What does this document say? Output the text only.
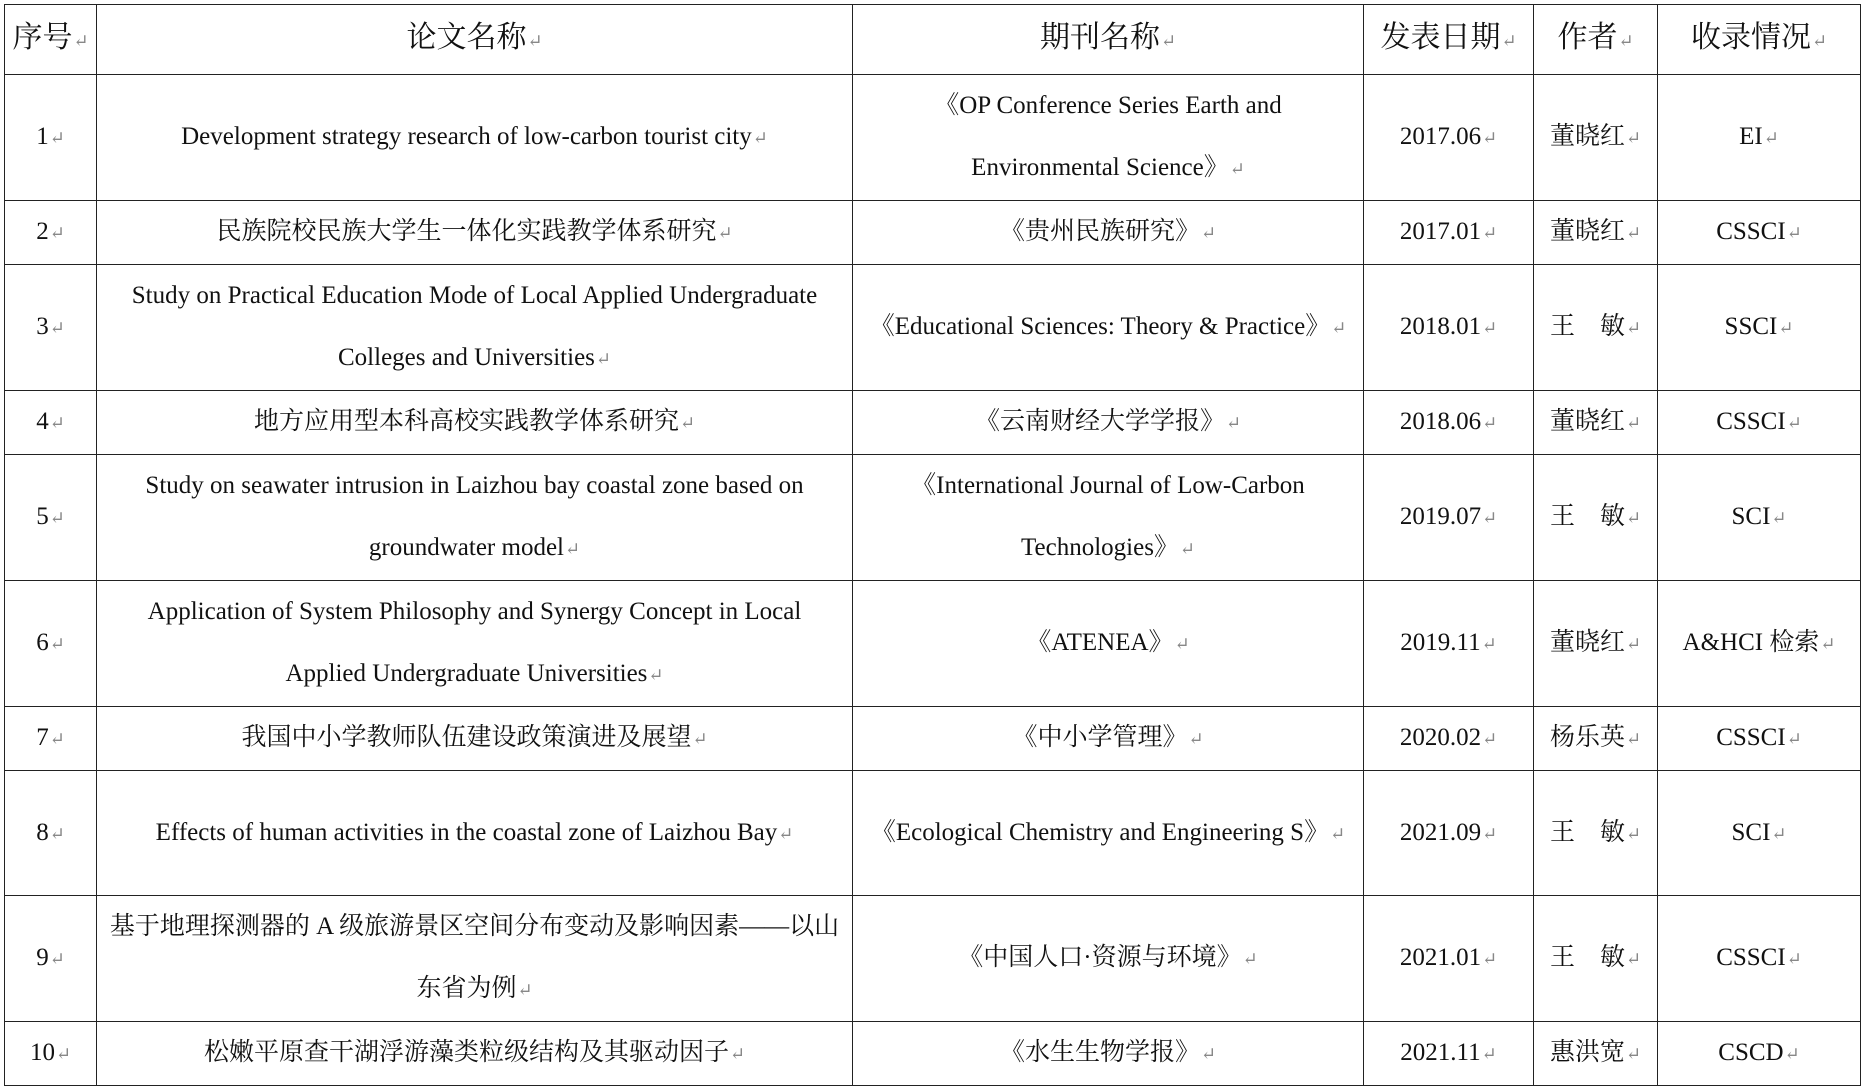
序号↵	论文名称↵	期刊名称↵	发表日期↵	作者↵	收录情况↵
1↵	Development strategy research of low-carbon tourist city↵	《OP Conference Series Earth and Environmental Science》↵	2017.06↵	董晓红↵	EI↵
2↵	民族院校民族大学生一体化实践教学体系研究↵	《贵州民族研究》↵	2017.01↵	董晓红↵	CSSCI↵
3↵	Study on Practical Education Mode of Local Applied Undergraduate Colleges and Universities↵	《Educational Sciences: Theory & Practice》↵	2018.01↵	王　敏↵	SSCI↵
4↵	地方应用型本科高校实践教学体系研究↵	《云南财经大学学报》↵	2018.06↵	董晓红↵	CSSCI↵
5↵	Study on seawater intrusion in Laizhou bay coastal zone based on groundwater model↵	《International Journal of Low-Carbon Technologies》↵	2019.07↵	王　敏↵	SCI↵
6↵	Application of System Philosophy and Synergy Concept in Local Applied Undergraduate Universities↵	《ATENEA》↵	2019.11↵	董晓红↵	A&HCI 检索↵
7↵	我国中小学教师队伍建设政策演进及展望↵	《中小学管理》↵	2020.02↵	杨乐英↵	CSSCI↵
8↵	Effects of human activities in the coastal zone of Laizhou Bay↵	《Ecological Chemistry and Engineering S》↵	2021.09↵	王　敏↵	SCI↵
9↵	基于地理探测器的 A 级旅游景区空间分布变动及影响因素——以山东省为例↵	《中国人口·资源与环境》↵	2021.01↵	王　敏↵	CSSCI↵
10↵	松嫩平原查干湖浮游藻类粒级结构及其驱动因子↵	《水生生物学报》↵	2021.11↵	惠洪宽↵	CSCD↵
